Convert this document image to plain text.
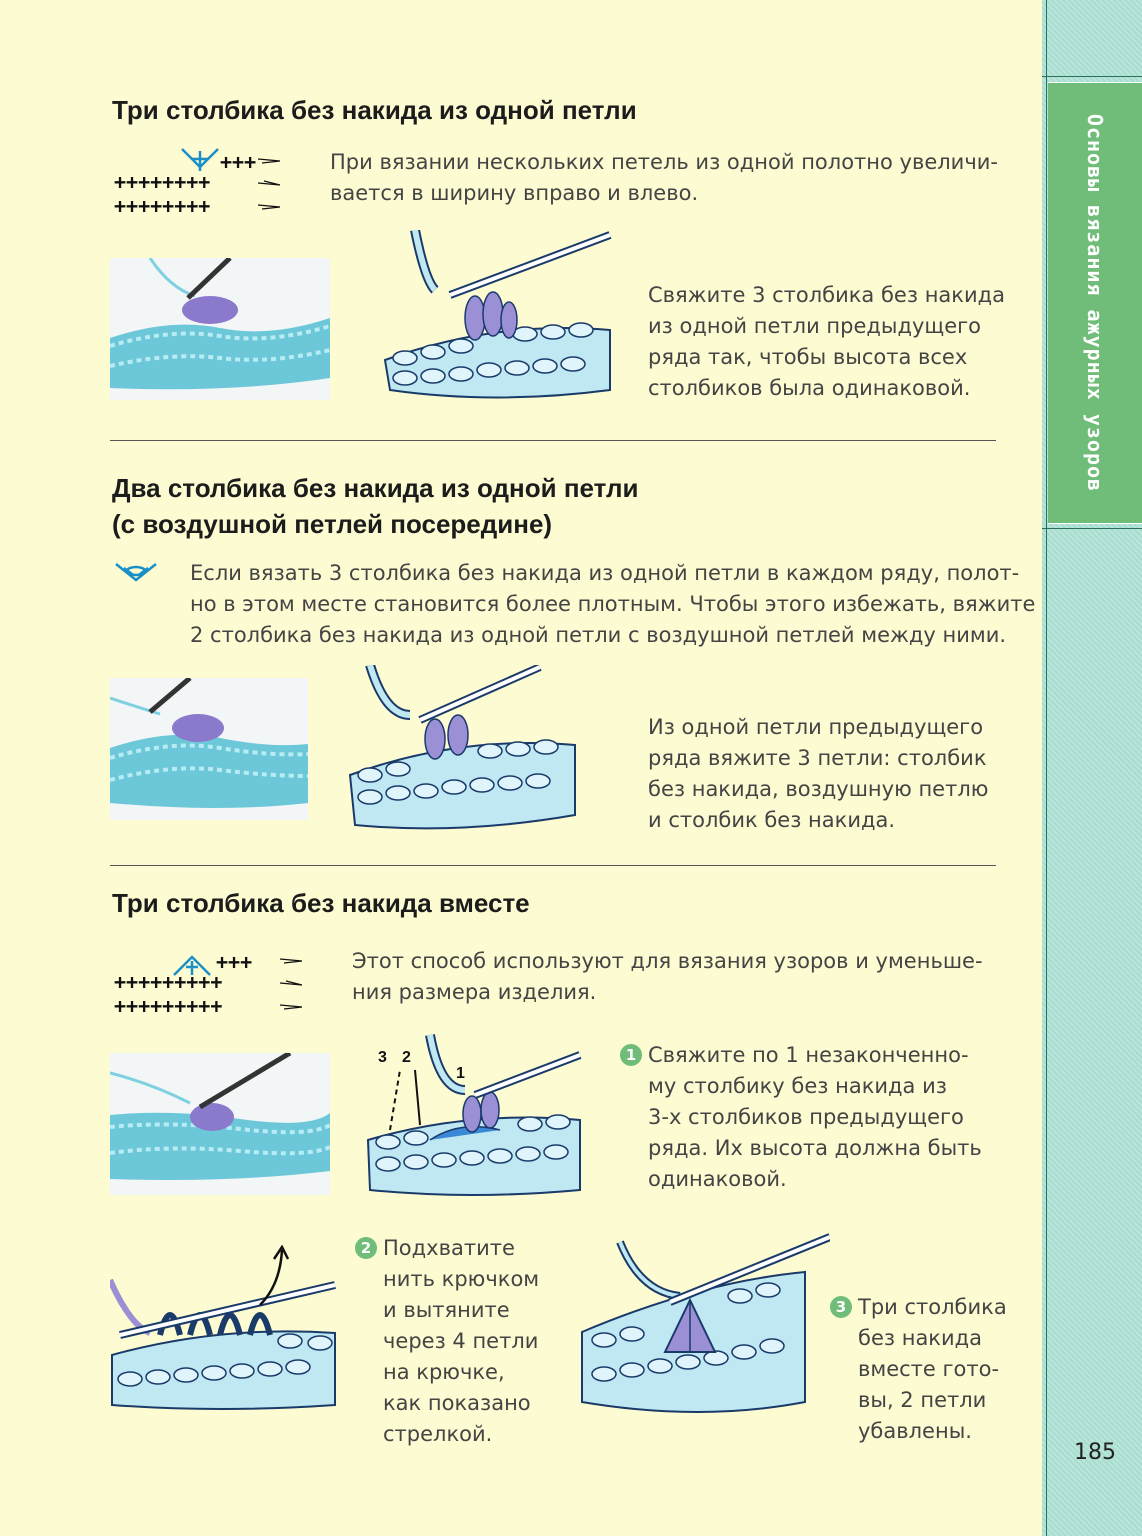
Основы вязания ажурных узоров
185
Три столбика без накида из одной петли
+++
++++++++
++++++++
При вязании нескольких петель из одной полотно увеличи-
вается в ширину вправо и влево.
Свяжите 3 столбика без накида
из одной петли предыдущего
ряда так, чтобы высота всех
столбиков была одинаковой.
Два столбика без накида из одной петли
(с воздушной петлей посередине)
Если вязать 3 столбика без накида из одной петли в каждом ряду, полот-
но в этом месте становится более плотным. Чтобы этого избежать, вяжите
2 столбика без накида из одной петли с воздушной петлей между ними.
Из одной петли предыдущего
ряда вяжите 3 петли: столбик
без накида, воздушную петлю
и столбик без накида.
Три столбика без накида вместе
+++
+++++++++
+++++++++
Этот способ используют для вязания узоров и уменьше-
ния размера изделия.
3 2
1
1 Свяжите по 1 незаконченно-
му столбику без накида из
3-х столбиков предыдущего
ряда. Их высота должна быть
одинаковой.
2 Подхватите
нить крючком
и вытяните
через 4 петли
на крючке,
как показано
стрелкой.
3 Три столбика
без накида
вместе гото-
вы, 2 петли
убавлены.
